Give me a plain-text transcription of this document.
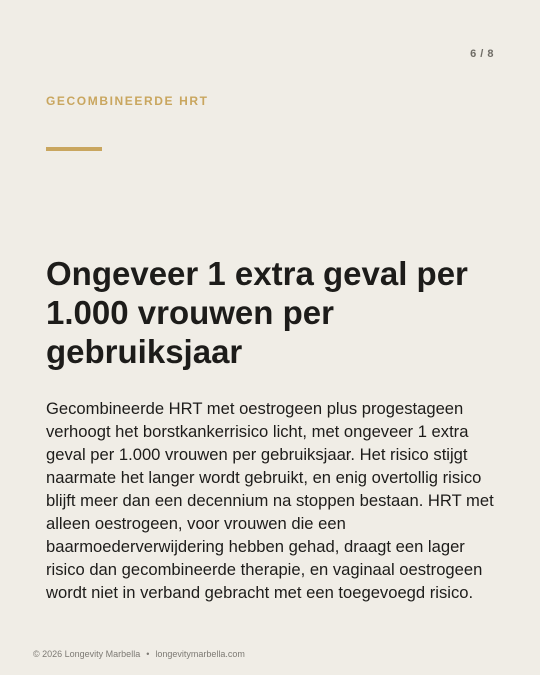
6 / 8
GECOMBINEERDE HRT
Ongeveer 1 extra geval per 1.000 vrouwen per gebruiksjaar

Gecombineerde HRT met oestrogeen plus progestageen verhoogt het borstkankerrisico licht, met ongeveer 1 extra geval per 1.000 vrouwen per gebruiksjaar. Het risico stijgt naarmate het langer wordt gebruikt, en enig overtollig risico blijft meer dan een decennium na stoppen bestaan. HRT met alleen oestrogeen, voor vrouwen die een baarmoederverwijdering hebben gehad, draagt een lager risico dan gecombineerde therapie, en vaginaal oestrogeen wordt niet in verband gebracht met een toegevoegd risico.

© 2026 Longevity Marbella • longevitymarbella.com
